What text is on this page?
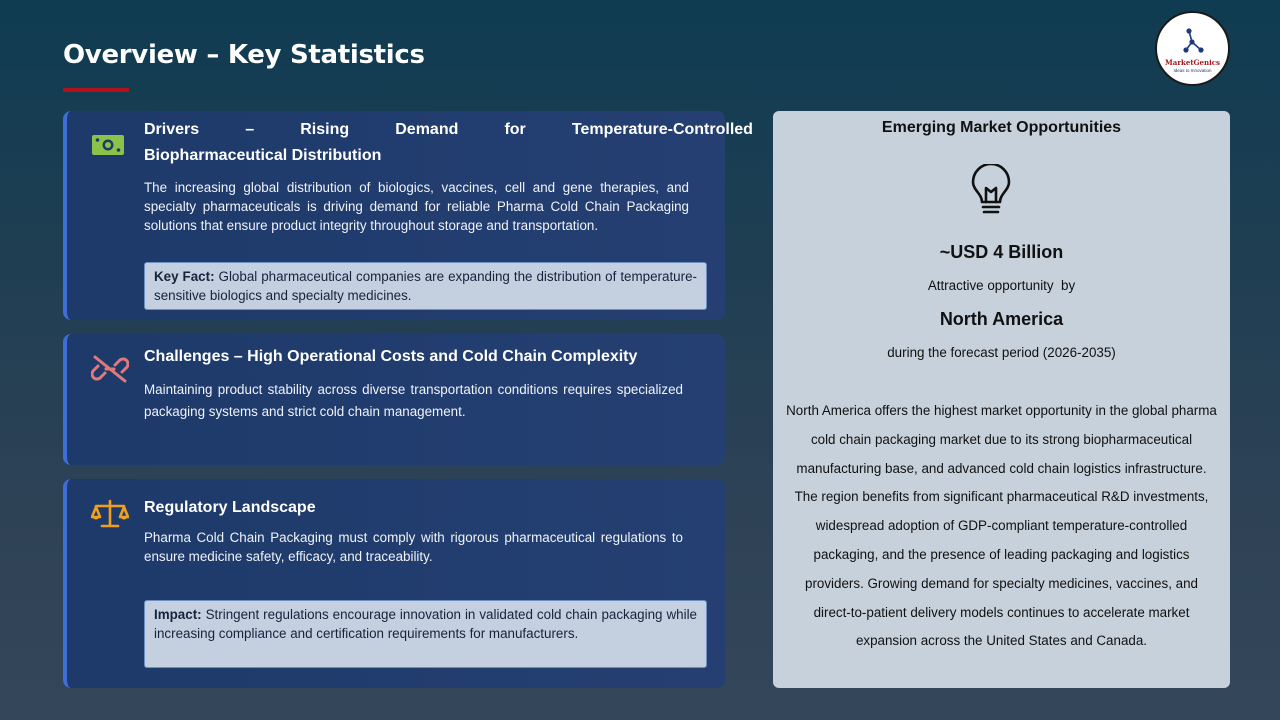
Overview – Key Statistics	MarketGenics
Ideas to Innovation
Drivers	–	Rising	Demand	for	Temperature-Controlled
Biopharmaceutical Distribution

The increasing global distribution of biologics, vaccines, cell and gene therapies, and specialty pharmaceuticals is driving demand for reliable Pharma Cold Chain Packaging solutions that ensure product integrity throughout storage and transportation.

Key Fact: Global pharmaceutical companies are expanding the distribution of temperature-sensitive biologics and specialty medicines.
Challenges – High Operational Costs and Cold Chain Complexity

Maintaining product stability across diverse transportation conditions requires specialized packaging systems and strict cold chain management.

Regulatory Landscape

Pharma Cold Chain Packaging must comply with rigorous pharmaceutical regulations to ensure medicine safety, efficacy, and traceability.

Impact: Stringent regulations encourage innovation in validated cold chain packaging while increasing compliance and certification requirements for manufacturers.
Emerging Market Opportunities
~USD 4 Billion
Attractive opportunity  by
North America
during the forecast period (2026-2035)

North America offers the highest market opportunity in the global pharma cold chain packaging market due to its strong biopharmaceutical manufacturing base, and advanced cold chain logistics infrastructure. The region benefits from significant pharmaceutical R&D investments, widespread adoption of GDP-compliant temperature-controlled packaging, and the presence of leading packaging and logistics providers. Growing demand for specialty medicines, vaccines, and direct-to-patient delivery models continues to accelerate market expansion across the United States and Canada.
